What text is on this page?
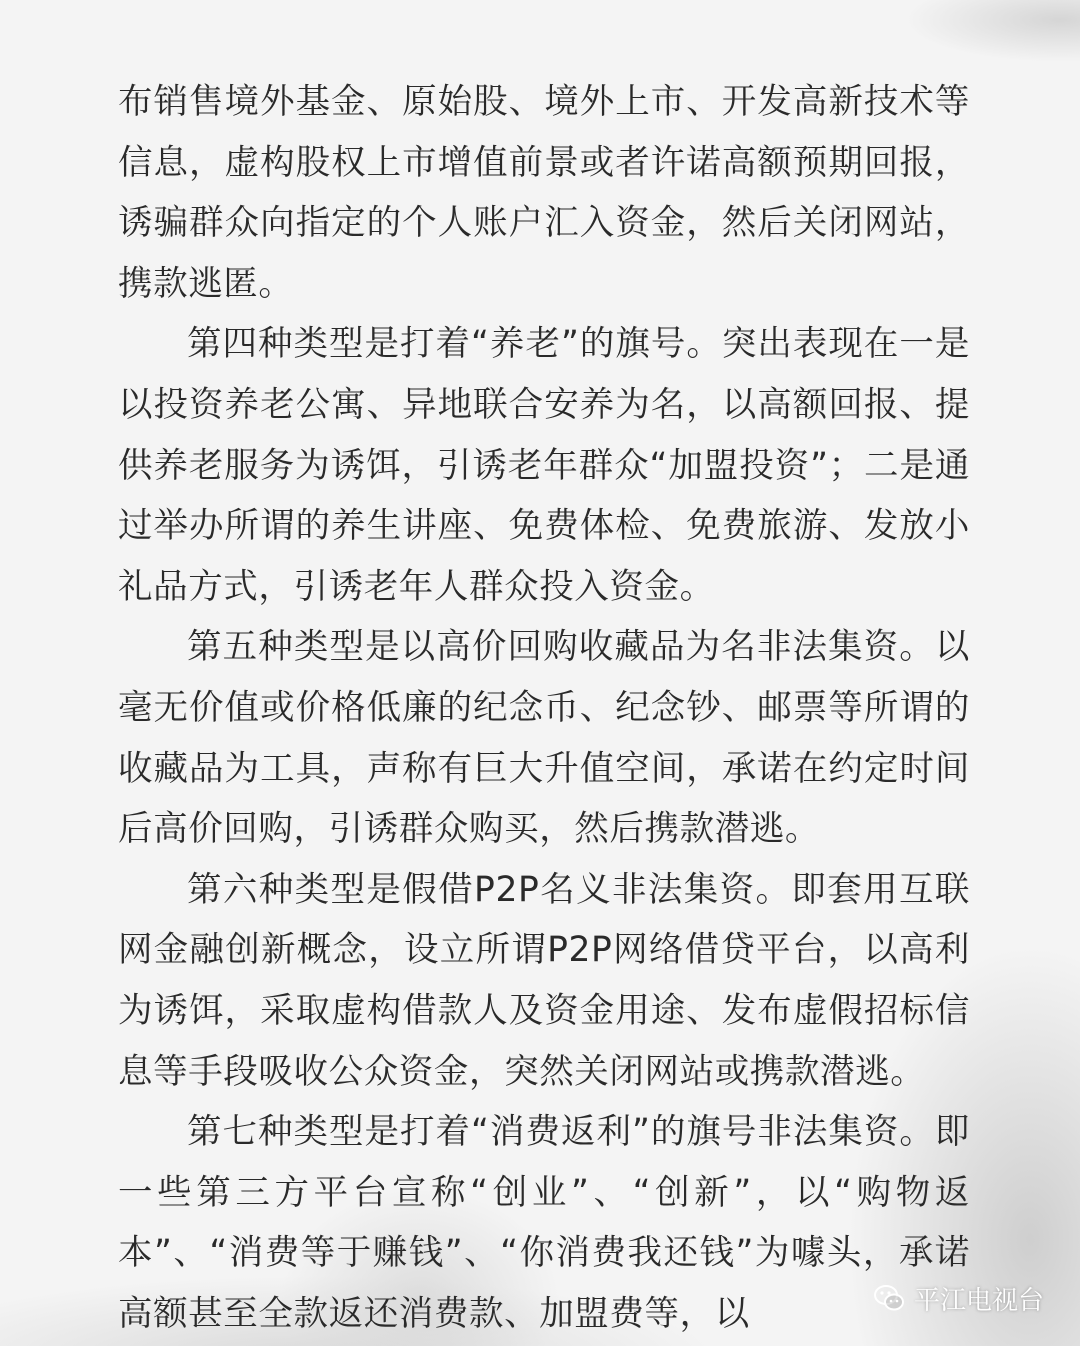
布销售境外基金、原始股、境外上市、开发高新技术等信息，虚构股权上市增值前景或者许诺高额预期回报，诱骗群众向指定的个人账户汇入资金，然后关闭网站，携款逃匿。

第四种类型是打着“养老”的旗号。突出表现在一是以投资养老公寓、异地联合安养为名，以高额回报、提供养老服务为诱饵，引诱老年群众“加盟投资”；二是通过举办所谓的养生讲座、免费体检、免费旅游、发放小礼品方式，引诱老年人群众投入资金。

第五种类型是以高价回购收藏品为名非法集资。以毫无价值或价格低廉的纪念币、纪念钞、邮票等所谓的收藏品为工具，声称有巨大升值空间，承诺在约定时间后高价回购，引诱群众购买，然后携款潜逃。

第六种类型是假借P2P名义非法集资。即套用互联网金融创新概念，设立所谓P2P网络借贷平台，以高利为诱饵，采取虚构借款人及资金用途、发布虚假招标信息等手段吸收公众资金，突然关闭网站或携款潜逃。

第七种类型是打着“消费返利”的旗号非法集资。即一些第三方平台宣称“创业”、“创新”，以“购物返本”、“消费等于赚钱”、“你消费我还钱”为噱头，承诺高额甚至全款返还消费款、加盟费等，以	平江电视台
